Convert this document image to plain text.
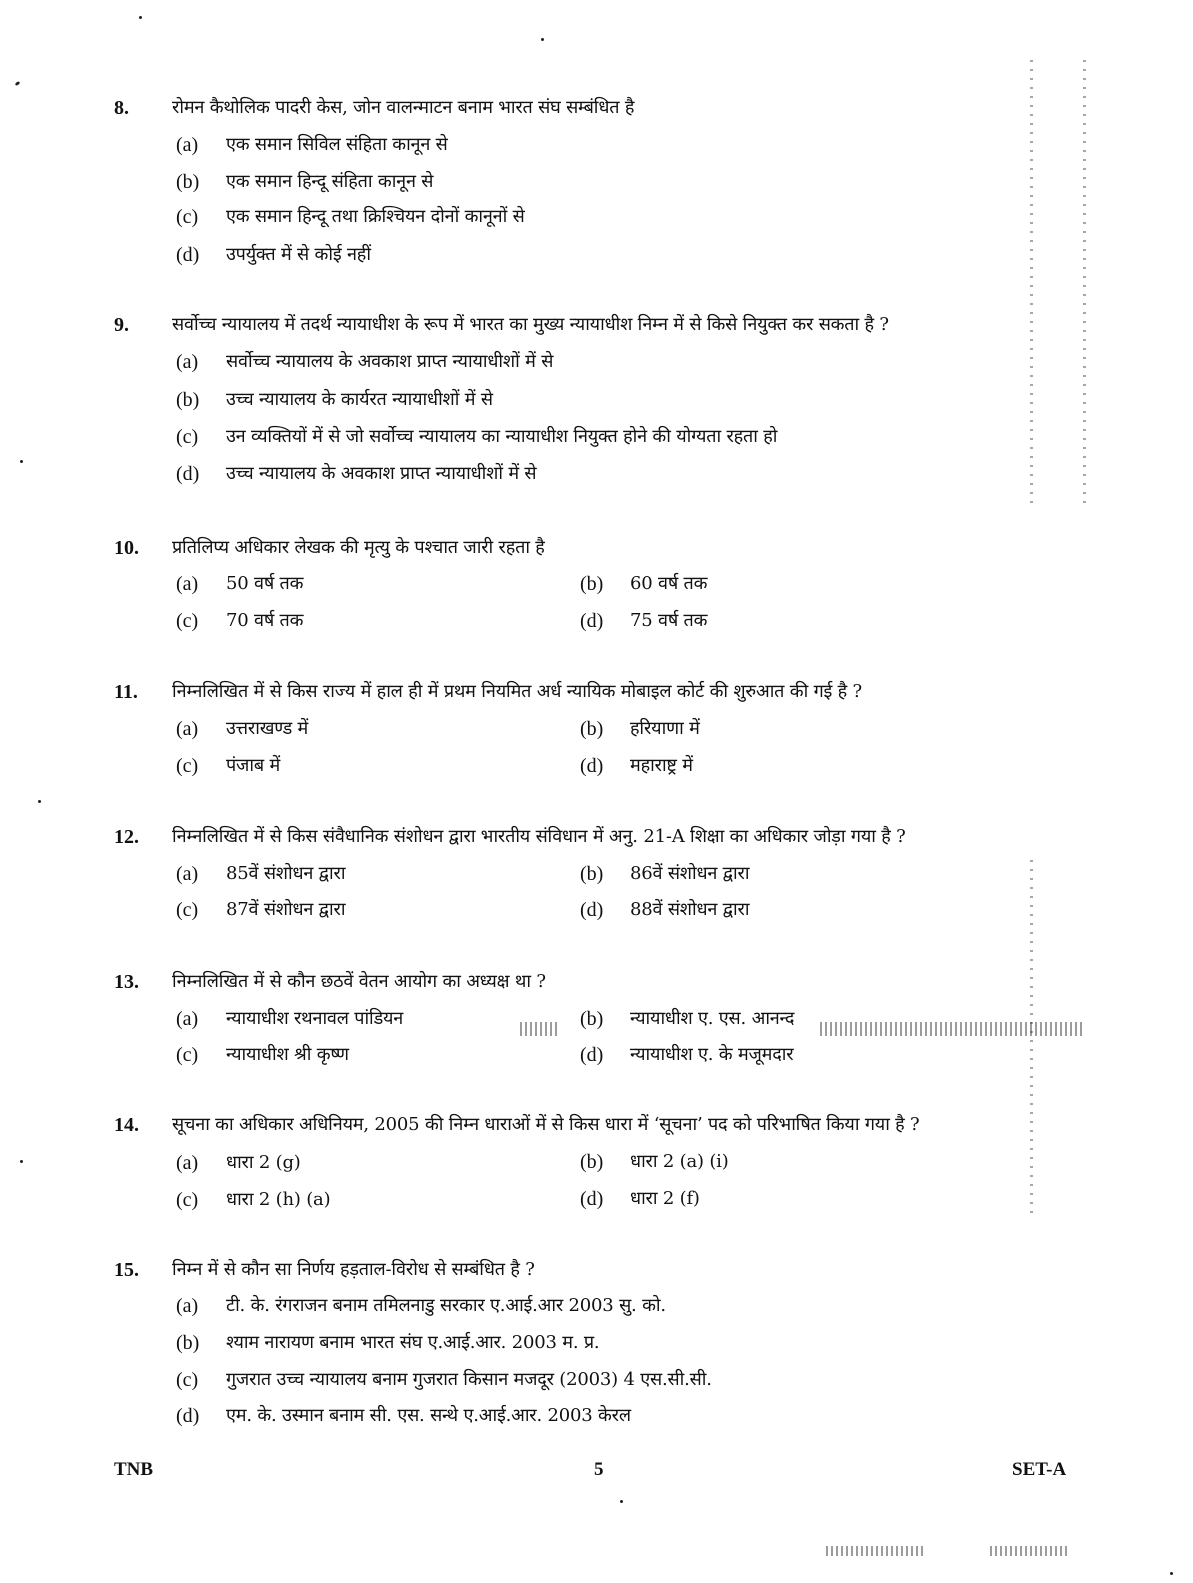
8. रोमन कैथोलिक पादरी केस, जोन वालन्माटन बनाम भारत संघ सम्बंधित है
(a) एक समान सिविल संहिता कानून से
(b) एक समान हिन्दू संहिता कानून से
(c) एक समान हिन्दू तथा क्रिश्चियन दोनों कानूनों से
(d) उपर्युक्त में से कोई नहीं
9. सर्वोच्च न्यायालय में तदर्थ न्यायाधीश के रूप में भारत का मुख्य न्यायाधीश निम्न में से किसे नियुक्त कर सकता है ?
(a) सर्वोच्च न्यायालय के अवकाश प्राप्त न्यायाधीशों में से
(b) उच्च न्यायालय के कार्यरत न्यायाधीशों में से
(c) उन व्यक्तियों में से जो सर्वोच्च न्यायालय का न्यायाधीश नियुक्त होने की योग्यता रहता हो
(d) उच्च न्यायालय के अवकाश प्राप्त न्यायाधीशों में से
10. प्रतिलिप्य अधिकार लेखक की मृत्यु के पश्चात जारी रहता है
(a) 50 वर्ष तक	(b) 60 वर्ष तक
(c) 70 वर्ष तक	(d) 75 वर्ष तक
11. निम्नलिखित में से किस राज्य में हाल ही में प्रथम नियमित अर्ध न्यायिक मोबाइल कोर्ट की शुरुआत की गई है ?
(a) उत्तराखण्ड में	(b) हरियाणा में
(c) पंजाब में	(d) महाराष्ट्र में
12. निम्नलिखित में से किस संवैधानिक संशोधन द्वारा भारतीय संविधान में अनु. 21-A शिक्षा का अधिकार जोड़ा गया है ?
(a) 85वें संशोधन द्वारा	(b) 86वें संशोधन द्वारा
(c) 87वें संशोधन द्वारा	(d) 88वें संशोधन द्वारा
13. निम्नलिखित में से कौन छठवें वेतन आयोग का अध्यक्ष था ?
(a) न्यायाधीश रथनावल पांडियन	(b) न्यायाधीश ए. एस. आनन्द
(c) न्यायाधीश श्री कृष्ण	(d) न्यायाधीश ए. के मजूमदार
14. सूचना का अधिकार अधिनियम, 2005 की निम्न धाराओं में से किस धारा में ‘सूचना’ पद को परिभाषित किया गया है ?
(a) धारा 2 (g)	(b) धारा 2 (a) (i)
(c) धारा 2 (h) (a)	(d) धारा 2 (f)
15. निम्न में से कौन सा निर्णय हड़ताल-विरोध से सम्बंधित है ?
(a) टी. के. रंगराजन बनाम तमिलनाडु सरकार ए.आई.आर 2003 सु. को.
(b) श्याम नारायण बनाम भारत संघ ए.आई.आर. 2003 म. प्र.
(c) गुजरात उच्च न्यायालय बनाम गुजरात किसान मजदूर (2003) 4 एस.सी.सी.
(d) एम. के. उस्मान बनाम सी. एस. सन्थे ए.आई.आर. 2003 केरल
TNB	5	SET-A
